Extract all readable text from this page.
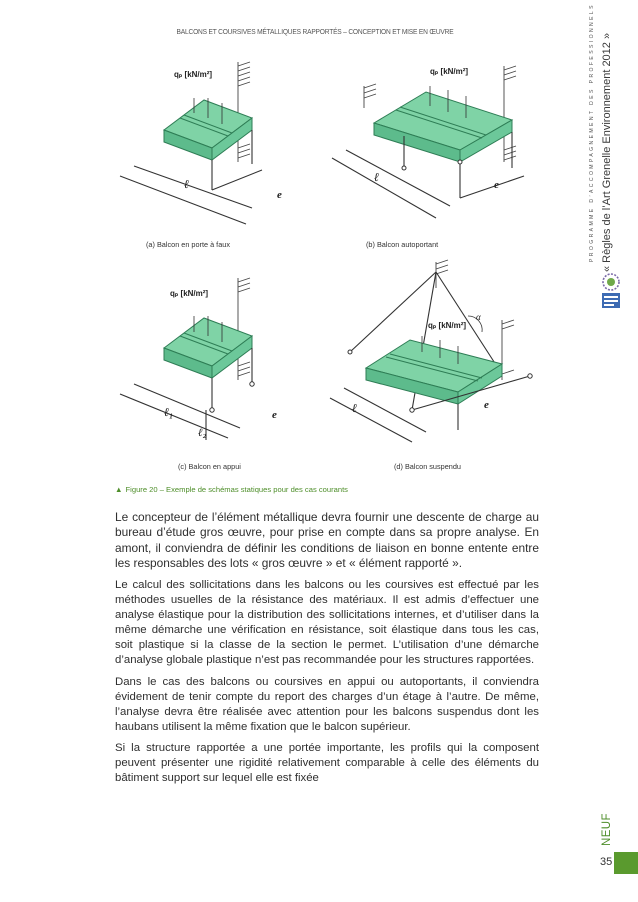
BALCONS ET COURSIVES MÉTALLIQUES RAPPORTÉS – CONCEPTION ET MISE EN ŒUVRE
qₚ [kN/m²]
ℓ
e
(a) Balcon en porte à faux
qₚ [kN/m²]
ℓ
e
(b) Balcon autoportant
qₚ [kN/m²]
ℓ₁
ℓ₂
e
(c) Balcon en appui
qₚ [kN/m²]
ℓ	e
α
(d) Balcon suspendu
▲ Figure 20 – Exemple de schémas statiques pour des cas courants

Le concepteur de l’élément métallique devra fournir une descente de charge au bureau d’étude gros œuvre, pour prise en compte dans sa propre analyse. En amont, il conviendra de définir les conditions de liaison en bonne entente entre les responsables des lots « gros œuvre » et « élément rapporté ».

Le calcul des sollicitations dans les balcons ou les coursives est effectué par les méthodes usuelles de la résistance des matériaux. Il est admis d’effectuer une analyse élastique pour la distribution des sollicitations internes, et d’utiliser dans la même démarche une vérification en résistance, soit élastique dans tous les cas, soit plastique si la classe de la section le permet. L’utilisation d’une démarche d’analyse globale plastique n’est pas recommandée pour les structures rapportées.

Dans le cas des balcons ou coursives en appui ou autoportants, il conviendra évidement de tenir compte du report des charges d’un étage à l’autre. De même, l’analyse devra être réalisée avec attention pour les balcons suspendus dont les haubans utilisent la même fixation que le balcon supérieur.

Si la structure rapportée a une portée importante, les profils qui la composent peuvent présenter une rigidité relativement comparable à celle des éléments du bâtiment support sur lequel elle est fixée

PROGRAMME D’ACCOMPAGNEMENT DES PROFESSIONNELS « Règles de l’Art Grenelle Environnement 2012 »
NEUF
35
